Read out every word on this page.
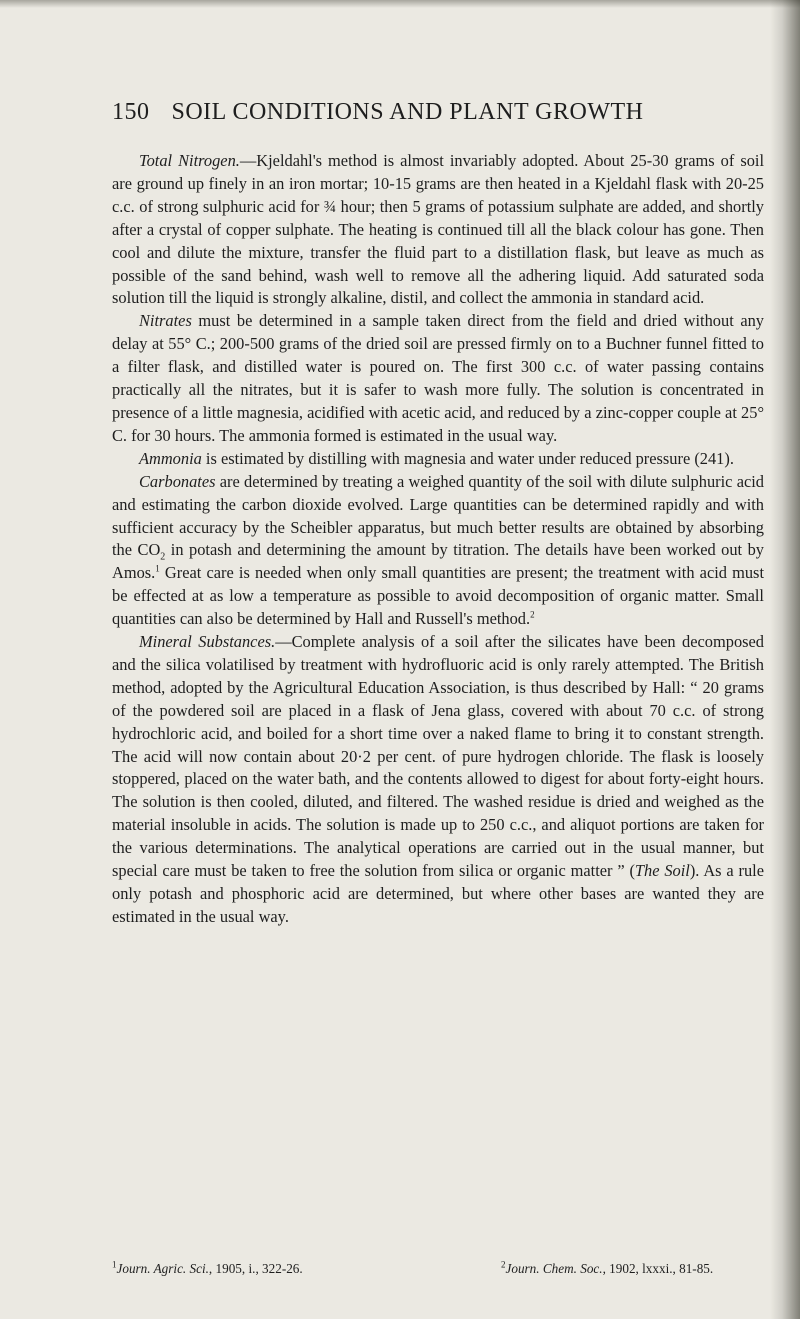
150 SOIL CONDITIONS AND PLANT GROWTH

Total Nitrogen.—Kjeldahl's method is almost invariably adopted. About 25-30 grams of soil are ground up finely in an iron mortar; 10-15 grams are then heated in a Kjeldahl flask with 20-25 c.c. of strong sulphuric acid for ¾ hour; then 5 grams of potassium sulphate are added, and shortly after a crystal of copper sulphate. The heating is continued till all the black colour has gone. Then cool and dilute the mixture, transfer the fluid part to a distillation flask, but leave as much as possible of the sand behind, wash well to remove all the adhering liquid. Add saturated soda solution till the liquid is strongly alkaline, distil, and collect the ammonia in standard acid.

Nitrates must be determined in a sample taken direct from the field and dried without any delay at 55° C.; 200-500 grams of the dried soil are pressed firmly on to a Buchner funnel fitted to a filter flask, and distilled water is poured on. The first 300 c.c. of water passing contains practically all the nitrates, but it is safer to wash more fully. The solution is concentrated in presence of a little magnesia, acidified with acetic acid, and reduced by a zinc-copper couple at 25° C. for 30 hours. The ammonia formed is estimated in the usual way.

Ammonia is estimated by distilling with magnesia and water under reduced pressure (241).

Carbonates are determined by treating a weighed quantity of the soil with dilute sulphuric acid and estimating the carbon dioxide evolved. Large quantities can be determined rapidly and with sufficient accuracy by the Scheibler apparatus, but much better results are obtained by absorbing the $CO_2$ in potash and determining the amount by titration. The details have been worked out by Amos.$^1$ Great care is needed when only small quantities are present; the treatment with acid must be effected at as low a temperature as possible to avoid decomposition of organic matter. Small quantities can also be determined by Hall and Russell's method.$^2$

Mineral Substances.—Complete analysis of a soil after the silicates have been decomposed and the silica volatilised by treatment with hydrofluoric acid is only rarely attempted. The British method, adopted by the Agricultural Education Association, is thus described by Hall: “ 20 grams of the powdered soil are placed in a flask of Jena glass, covered with about 70 c.c. of strong hydrochloric acid, and boiled for a short time over a naked flame to bring it to constant strength. The acid will now contain about 20·2 per cent. of pure hydrogen chloride. The flask is loosely stoppered, placed on the water bath, and the contents allowed to digest for about forty-eight hours. The solution is then cooled, diluted, and filtered. The washed residue is dried and weighed as the material insoluble in acids. The solution is made up to 250 c.c., and aliquot portions are taken for the various determinations. The analytical operations are carried out in the usual manner, but special care must be taken to free the solution from silica or organic matter ” (The Soil). As a rule only potash and phosphoric acid are determined, but where other bases are wanted they are estimated in the usual way.

$^1$Journ. Agric. Sci., 1905, i., 322-26.	$^2$Journ. Chem. Soc., 1902, lxxxi., 81-85.
